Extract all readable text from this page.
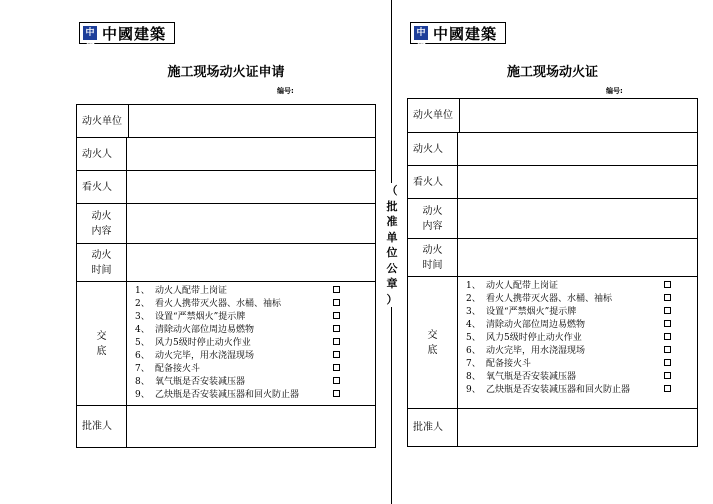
中建
中國建築
施工现场动火证申请
编号:
动火单位
动火人
看火人
动火内容
动火时间
交底
1、 动火人配带上岗证
2、 看火人携带灭火器、水桶、袖标
3、 设置“严禁烟火”提示牌
4、 清除动火部位周边易燃物
5、 风力5级时停止动火作业
6、 动火完毕，用水浇湿现场
7、 配备接火斗
8、 氧气瓶是否安装减压器
9、 乙炔瓶是否安装减压器和回火防止器
批准人
（
批
准
单
位
公
章
）
中建
中國建築
施工现场动火证
编号:
动火单位
动火人
看火人
动火内容
动火时间
交底
1、 动火人配带上岗证
2、 看火人携带灭火器、水桶、袖标
3、 设置“严禁烟火”提示牌
4、 清除动火部位周边易燃物
5、 风力5级时停止动火作业
6、 动火完毕，用水浇湿现场
7、 配备接火斗
8、 氧气瓶是否安装减压器
9、 乙炔瓶是否安装减压器和回火防止器
批准人
